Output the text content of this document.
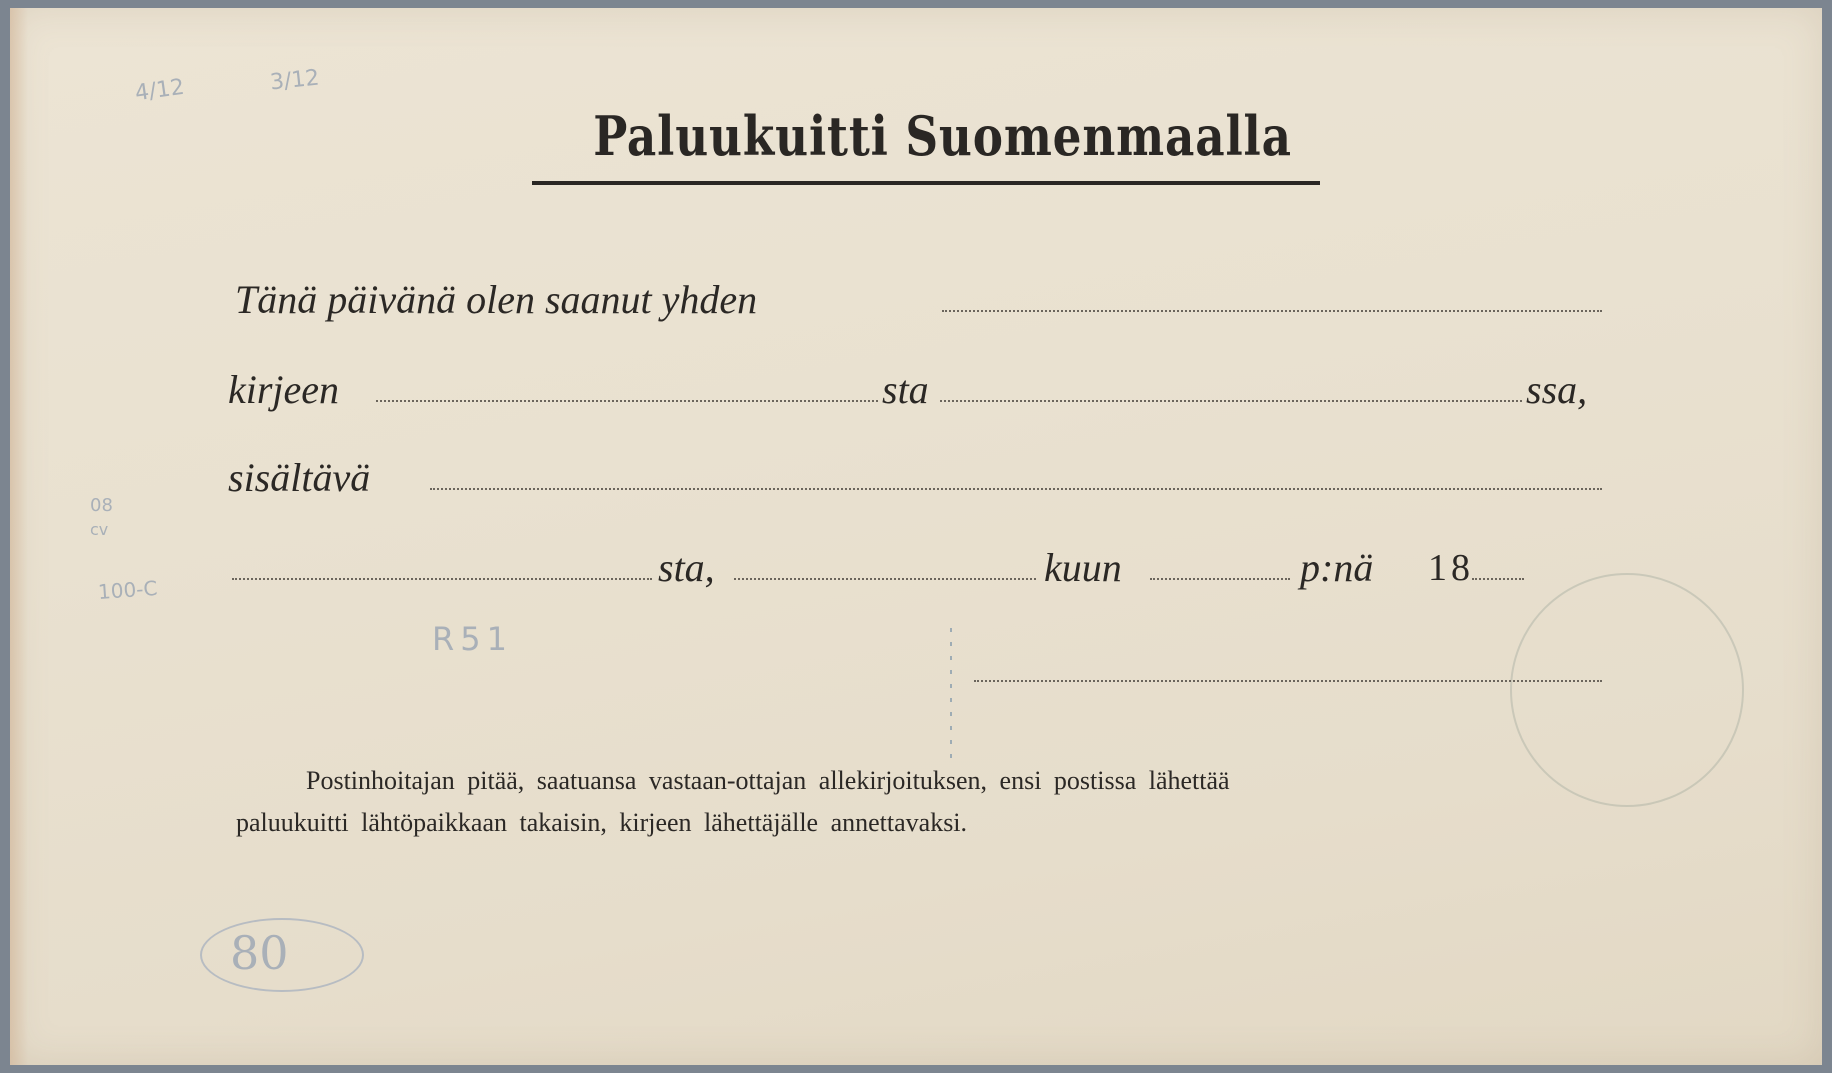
4/12	3/12
08
cv
100-C
R51
80
Paluukuitti Suomenmaalla
Tänä päivänä olen saanut yhden
kirjeen	sta	ssa,
sisältävä
sta,	kuun	p:nä 18
Postinhoitajan pitää, saatuansa vastaan-ottajan allekirjoituksen, ensi postissa lähettää
paluukuitti lähtöpaikkaan takaisin, kirjeen lähettäjälle annettavaksi.
